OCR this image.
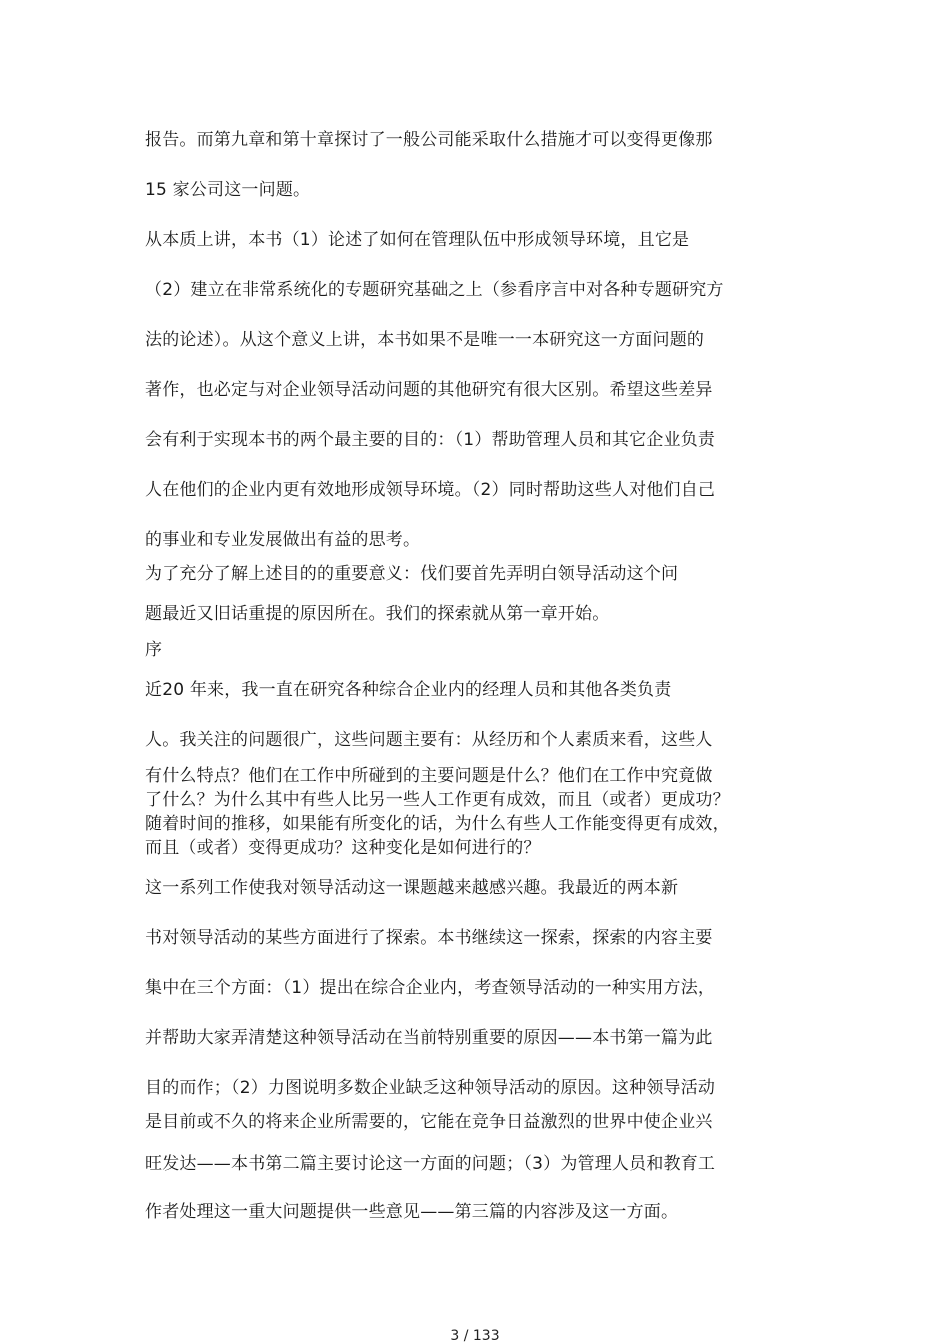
报告。而第九章和第十章探讨了一般公司能采取什么措施才可以变得更像那
15 家公司这一问题。
从本质上讲，本书（1）论述了如何在管理队伍中形成领导环境，且它是
（2）建立在非常系统化的专题研究基础之上（参看序言中对各种专题研究方
法的论述）。从这个意义上讲，本书如果不是唯一一本研究这一方面问题的
著作，也必定与对企业领导活动问题的其他研究有很大区别。希望这些差异
会有利于实现本书的两个最主要的目的：（1）帮助管理人员和其它企业负责
人在他们的企业内更有效地形成领导环境。（2）同时帮助这些人对他们自己
的事业和专业发展做出有益的思考。
为了充分了解上述目的的重要意义：伐们要首先弄明白领导活动这个问
题最近又旧话重提的原因所在。我们的探索就从第一章开始。
序
近20 年来，我一直在研究各种综合企业内的经理人员和其他各类负责
人。我关注的问题很广，这些问题主要有：从经历和个人素质来看，这些人
有什么特点？他们在工作中所碰到的主要问题是什么？他们在工作中究竟做
了什么？为什么其中有些人比另一些人工作更有成效，而且（或者）更成功？
随着时间的推移，如果能有所变化的话，为什么有些人工作能变得更有成效，
而且（或者）变得更成功？这种变化是如何进行的？
这一系列工作使我对领导活动这一课题越来越感兴趣。我最近的两本新
书对领导活动的某些方面进行了探索。本书继续这一探索，探索的内容主要
集中在三个方面：（1）提出在综合企业内，考查领导活动的一种实用方法，
并帮助大家弄清楚这种领导活动在当前特别重要的原因——本书第一篇为此
目的而作；（2）力图说明多数企业缺乏这种领导活动的原因。这种领导活动
是目前或不久的将来企业所需要的，它能在竞争日益激烈的世界中使企业兴
旺发达——本书第二篇主要讨论这一方面的问题；（3）为管理人员和教育工
作者处理这一重大问题提供一些意见——第三篇的内容涉及这一方面。
3 / 133
